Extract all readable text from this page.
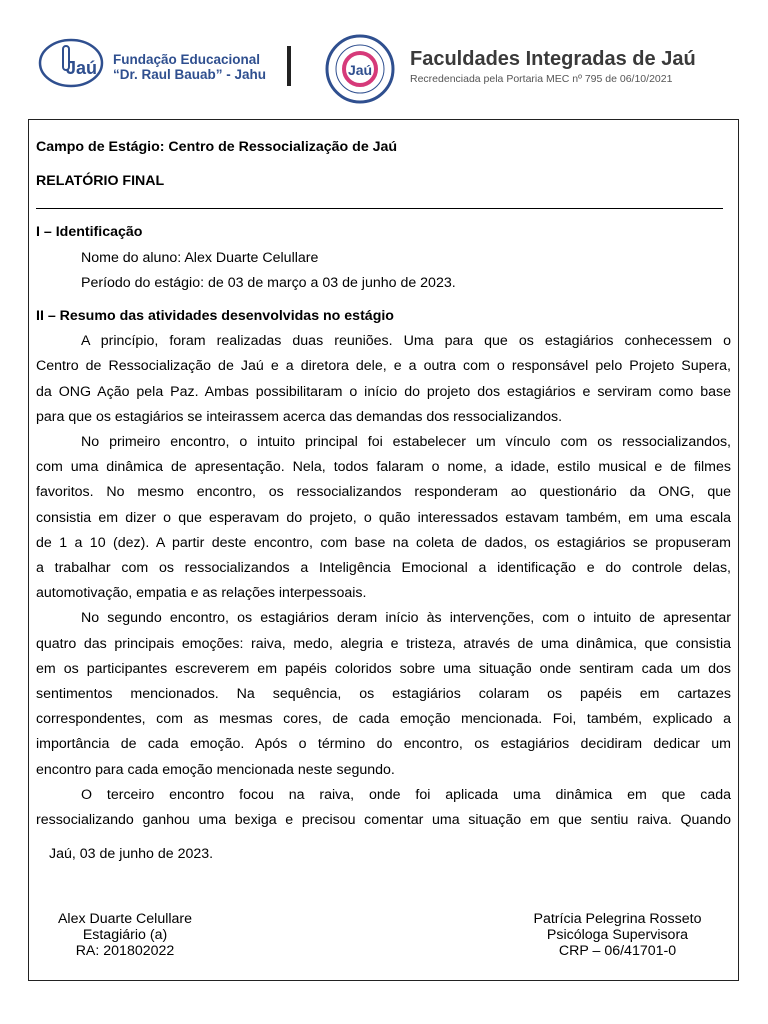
Jaú Fundação Educacional
“Dr. Raul Bauab” - Jahu	Jaú Faculdades Integradas de Jaú
Recredenciada pela Portaria MEC nº 795 de 06/10/2021

Campo de Estágio: Centro de Ressocialização de Jaú

RELATÓRIO FINAL

I – Identificação

Nome do aluno: Alex Duarte Celullare

Período do estágio: de 03 de março a 03 de junho de 2023.

II – Resumo das atividades desenvolvidas no estágio

A princípio, foram realizadas duas reuniões. Uma para que os estagiários conhecessem o

Centro de Ressocialização de Jaú e a diretora dele, e a outra com o responsável pelo Projeto Supera,

da ONG Ação pela Paz. Ambas possibilitaram o início do projeto dos estagiários e serviram como base

para que os estagiários se inteirassem acerca das demandas dos ressocializandos.

No primeiro encontro, o intuito principal foi estabelecer um vínculo com os ressocializandos,

com uma dinâmica de apresentação. Nela, todos falaram o nome, a idade, estilo musical e de filmes

favoritos. No mesmo encontro, os ressocializandos responderam ao questionário da ONG, que

consistia em dizer o que esperavam do projeto, o quão interessados estavam também, em uma escala

de 1 a 10 (dez). A partir deste encontro, com base na coleta de dados, os estagiários se propuseram

a trabalhar com os ressocializandos a Inteligência Emocional a identificação e do controle delas,

automotivação, empatia e as relações interpessoais.

No segundo encontro, os estagiários deram início às intervenções, com o intuito de apresentar

quatro das principais emoções: raiva, medo, alegria e tristeza, através de uma dinâmica, que consistia

em os participantes escreverem em papéis coloridos sobre uma situação onde sentiram cada um dos

sentimentos mencionados. Na sequência, os estagiários colaram os papéis em cartazes

correspondentes, com as mesmas cores, de cada emoção mencionada. Foi, também, explicado a

importância de cada emoção. Após o término do encontro, os estagiários decidiram dedicar um

encontro para cada emoção mencionada neste segundo.

O terceiro encontro focou na raiva, onde foi aplicada uma dinâmica em que cada

ressocializando ganhou uma bexiga e precisou comentar uma situação em que sentiu raiva. Quando

Jaú, 03 de junho de 2023.
Alex Duarte Celullare
Estagiário (a)
RA: 201802022
Patrícia Pelegrina Rosseto
Psicóloga Supervisora
CRP – 06/41701-0
